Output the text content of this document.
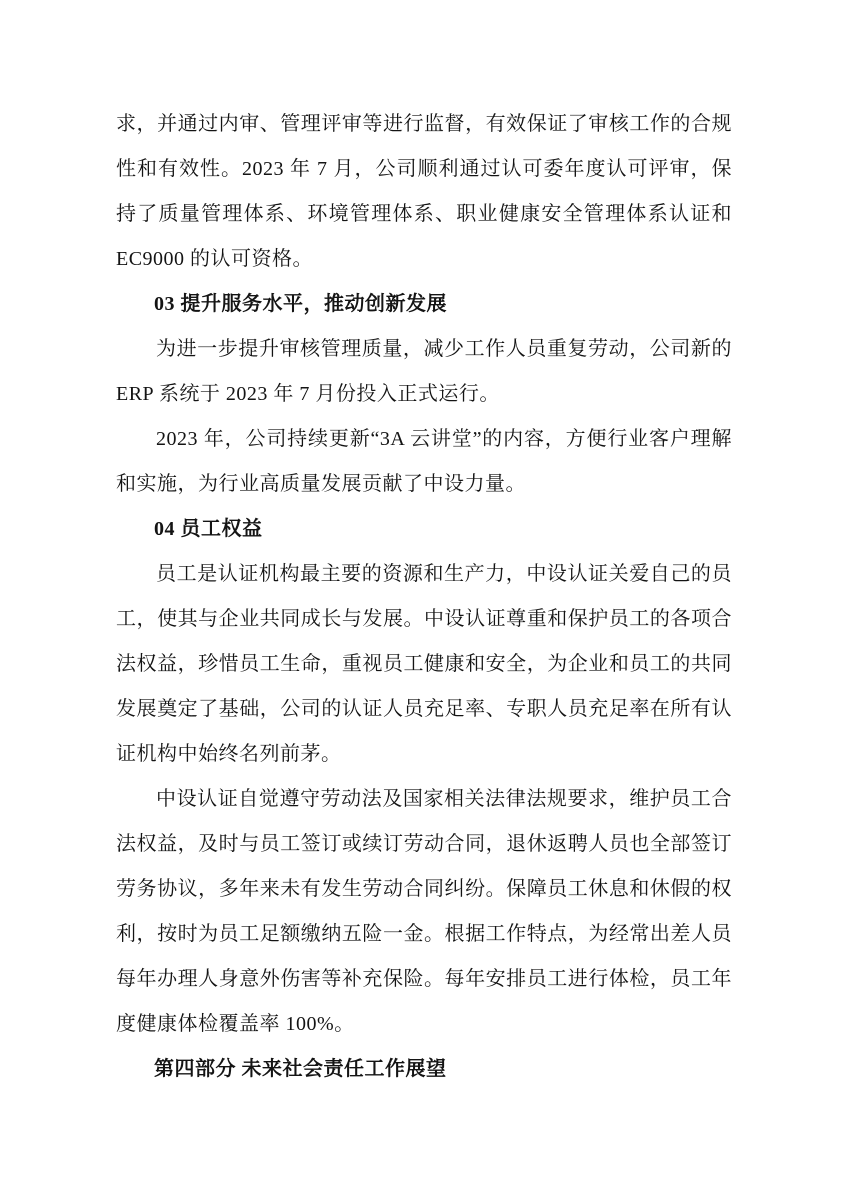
求，并通过内审、管理评审等进行监督，有效保证了审核工作的合规
性和有效性。2023 年 7 月，公司顺利通过认可委年度认可评审，保
持了质量管理体系、环境管理体系、职业健康安全管理体系认证和
EC9000 的认可资格。
03 提升服务水平，推动创新发展
为进一步提升审核管理质量，减少工作人员重复劳动，公司新的
ERP 系统于 2023 年 7 月份投入正式运行。
2023 年，公司持续更新“3A 云讲堂”的内容，方便行业客户理解
和实施，为行业高质量发展贡献了中设力量。
04 员工权益
员工是认证机构最主要的资源和生产力，中设认证关爱自己的员
工，使其与企业共同成长与发展。中设认证尊重和保护员工的各项合
法权益，珍惜员工生命，重视员工健康和安全，为企业和员工的共同
发展奠定了基础，公司的认证人员充足率、专职人员充足率在所有认
证机构中始终名列前茅。
中设认证自觉遵守劳动法及国家相关法律法规要求，维护员工合
法权益，及时与员工签订或续订劳动合同，退休返聘人员也全部签订
劳务协议，多年来未有发生劳动合同纠纷。保障员工休息和休假的权
利，按时为员工足额缴纳五险一金。根据工作特点，为经常出差人员
每年办理人身意外伤害等补充保险。每年安排员工进行体检，员工年
度健康体检覆盖率 100%。
第四部分 未来社会责任工作展望
